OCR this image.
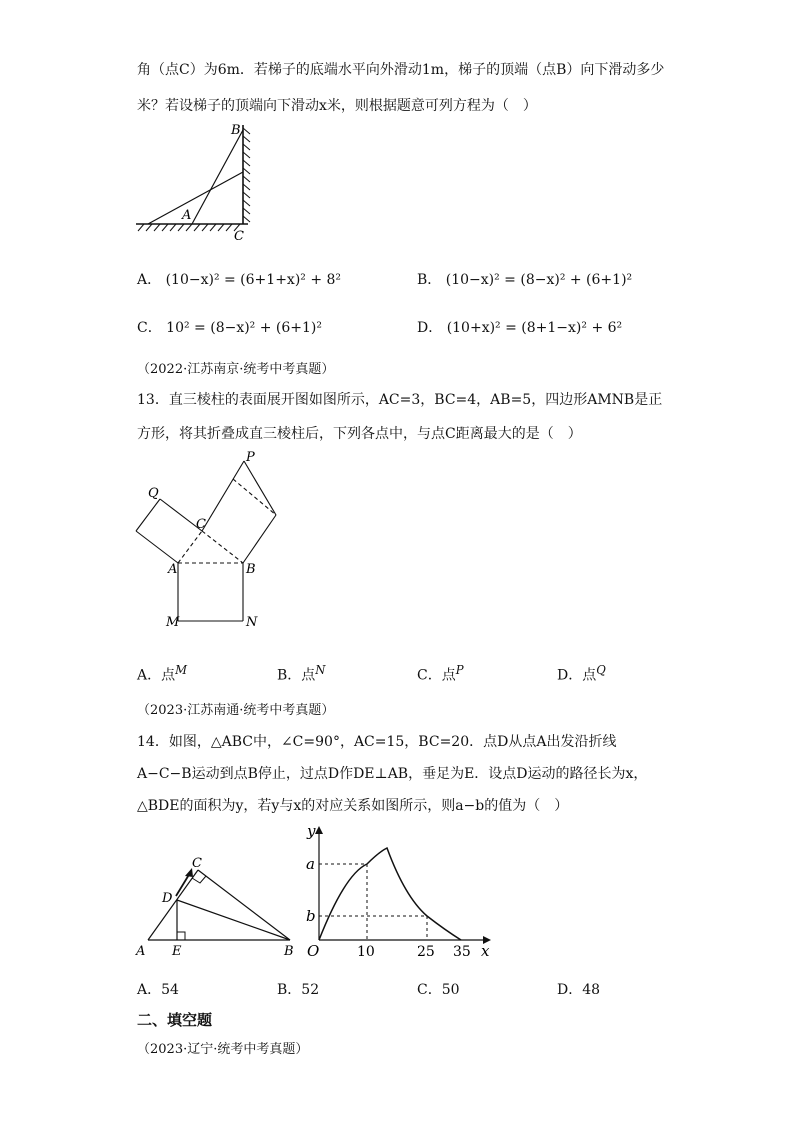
角（点C）为6m．若梯子的底端水平向外滑动1m，梯子的顶端（点B）向下滑动多少
米？若设梯子的顶端向下滑动x米，则根据题意可列方程为（　）
B
A
C
A． (10−x)² = (6+1+x)² + 8²	B． (10−x)² = (8−x)² + (6+1)²
C． 10² = (8−x)² + (6+1)²	D． (10+x)² = (8+1−x)² + 6²
（2022·江苏南京·统考中考真题）
13．直三棱柱的表面展开图如图所示，AC=3，BC=4，AB=5，四边形AMNB是正
方形，将其折叠成直三棱柱后，下列各点中，与点C距离最大的是（　）
P
Q
C
A	B
M	N
A．点$^M$	B．点$^N$	C．点$^P$	D．点$^Q$
（2023·江苏南通·统考中考真题）
14．如图，△ABC中，∠C=90°，AC=15，BC=20．点D从点A出发沿折线
A−C−B运动到点B停止，过点D作DE⊥AB，垂足为E．设点D运动的路径长为x，
△BDE的面积为y，若y与x的对应关系如图所示，则a−b的值为（　）
C
D
A E	B
y
x
O
a
b
10	25 35
A．54	B．52	C．50	D．48
二、填空题
（2023·辽宁·统考中考真题）
